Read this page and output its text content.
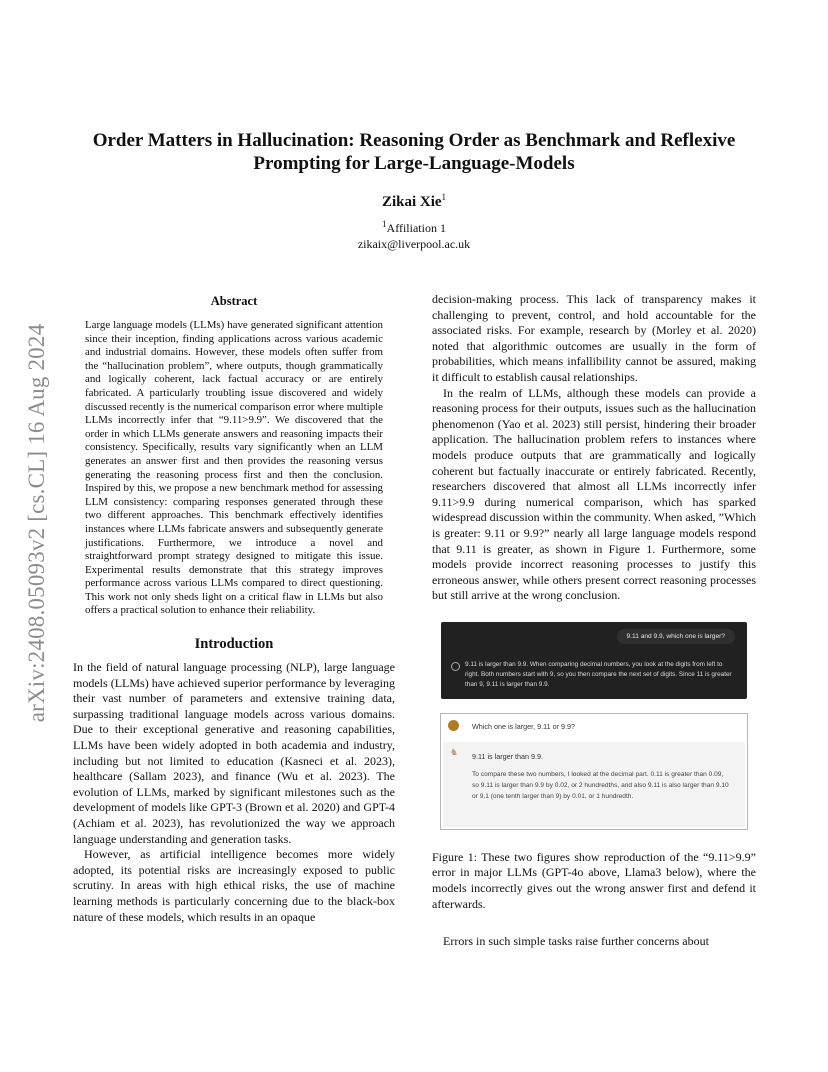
arXiv:2408.05093v2 [cs.CL] 16 Aug 2024
Order Matters in Hallucination: Reasoning Order as Benchmark and Reflexive
Prompting for Large-Language-Models
Zikai Xie$^1$
$^1$Affiliation 1
zikaix@liverpool.ac.uk
Abstract
Large language models (LLMs) have generated significant attention since their inception, finding applications across various academic and industrial domains. However, these models often suffer from the “hallucination problem”, where outputs, though grammatically and logically coherent, lack factual accuracy or are entirely fabricated. A particularly troubling issue discovered and widely discussed recently is the numerical comparison error where multiple LLMs incorrectly infer that “9.11>9.9”. We discovered that the order in which LLMs generate answers and reasoning impacts their consistency. Specifically, results vary significantly when an LLM generates an answer first and then provides the reasoning versus generating the reasoning process first and then the conclusion. Inspired by this, we propose a new benchmark method for assessing LLM consistency: comparing responses generated through these two different approaches. This benchmark effectively identifies instances where LLMs fabricate answers and subsequently generate justifications. Furthermore, we introduce a novel and straightforward prompt strategy designed to mitigate this issue. Experimental results demonstrate that this strategy improves performance across various LLMs compared to direct questioning. This work not only sheds light on a critical flaw in LLMs but also offers a practical solution to enhance their reliability.
Introduction

In the field of natural language processing (NLP), large language models (LLMs) have achieved superior performance by leveraging their vast number of parameters and extensive training data, surpassing traditional language models across various domains. Due to their exceptional generative and reasoning capabilities, LLMs have been widely adopted in both academia and industry, including but not limited to education (Kasneci et al. 2023), healthcare (Sallam 2023), and finance (Wu et al. 2023). The evolution of LLMs, marked by significant milestones such as the development of models like GPT-3 (Brown et al. 2020) and GPT-4 (Achiam et al. 2023), has revolutionized the way we approach language understanding and generation tasks.

However, as artificial intelligence becomes more widely adopted, its potential risks are increasingly exposed to public scrutiny. In areas with high ethical risks, the use of machine learning methods is particularly concerning due to the black-box nature of these models, which results in an opaque

decision-making process. This lack of transparency makes it challenging to prevent, control, and hold accountable for the associated risks. For example, research by (Morley et al. 2020) noted that algorithmic outcomes are usually in the form of probabilities, which means infallibility cannot be assured, making it difficult to establish causal relationships.

In the realm of LLMs, although these models can provide a reasoning process for their outputs, issues such as the hallucination phenomenon (Yao et al. 2023) still persist, hindering their broader application. The hallucination problem refers to instances where models produce outputs that are grammatically and logically coherent but factually inaccurate or entirely fabricated. Recently, researchers discovered that almost all LLMs incorrectly infer 9.11>9.9 during numerical comparison, which has sparked widespread discussion within the community. When asked, ”Which is greater: 9.11 or 9.9?” nearly all large language models respond that 9.11 is greater, as shown in Figure 1. Furthermore, some models provide incorrect reasoning processes to justify this erroneous answer, while others present correct reasoning processes but still arrive at the wrong conclusion.

9.11 and 9.9, which one is larger?
9.11 is larger than 9.9. When comparing decimal numbers, you look at the digits from left to right. Both numbers start with 9, so you then compare the next set of digits. Since 11 is greater than 9, 9.11 is larger than 9.9.
Which one is larger, 9.11 or 9.9?
♞ 9.11 is larger than 9.9.
To compare these two numbers, I looked at the decimal part. 0.11 is greater than 0.09, so 9.11 is larger than 9.9 by 0.02, or 2 hundredths, and also 9.11 is also larger than 9.10 or 9.1 (one tenth larger than 9) by 0.01, or 1 hundredth.

Figure 1: These two figures show reproduction of the “9.11>9.9” error in major LLMs (GPT-4o above, Llama3 below), where the models incorrectly gives out the wrong answer first and defend it afterwards.

Errors in such simple tasks raise further concerns about
